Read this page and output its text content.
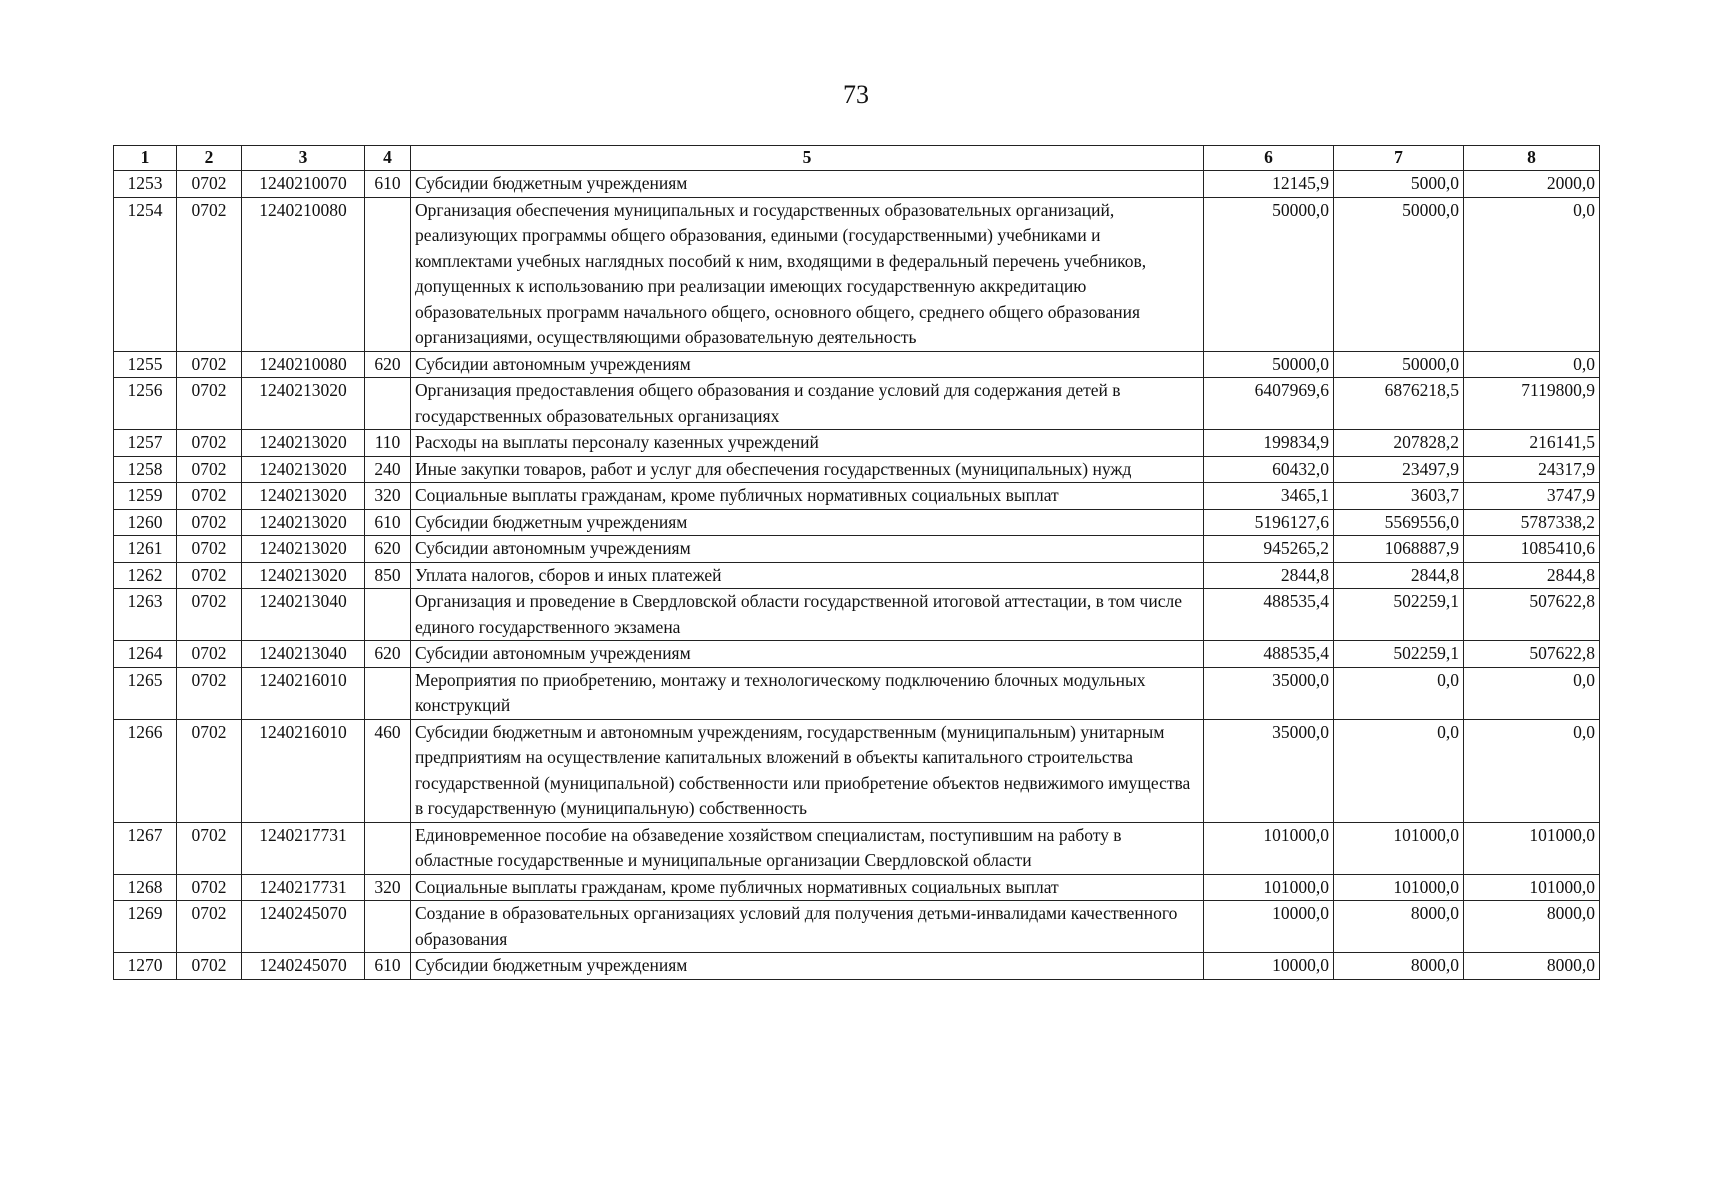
73
1	2	3	4	5	6	7	8
1253	0702	1240210070	610	Субсидии бюджетным учреждениям	12145,9	5000,0	2000,0
1254	0702	1240210080		Организация обеспечения муниципальных и государственных образовательных организаций, реализующих программы общего образования, едиными (государственными) учебниками и комплектами учебных наглядных пособий к ним, входящими в федеральный перечень учебников, допущенных к использованию при реализации имеющих государственную аккредитацию образовательных программ начального общего, основного общего, среднего общего образования организациями, осуществляющими образовательную деятельность	50000,0	50000,0	0,0
1255	0702	1240210080	620	Субсидии автономным учреждениям	50000,0	50000,0	0,0
1256	0702	1240213020		Организация предоставления общего образования и создание условий для содержания детей в государственных образовательных организациях	6407969,6	6876218,5	7119800,9
1257	0702	1240213020	110	Расходы на выплаты персоналу казенных учреждений	199834,9	207828,2	216141,5
1258	0702	1240213020	240	Иные закупки товаров, работ и услуг для обеспечения государственных (муниципальных) нужд	60432,0	23497,9	24317,9
1259	0702	1240213020	320	Социальные выплаты гражданам, кроме публичных нормативных социальных выплат	3465,1	3603,7	3747,9
1260	0702	1240213020	610	Субсидии бюджетным учреждениям	5196127,6	5569556,0	5787338,2
1261	0702	1240213020	620	Субсидии автономным учреждениям	945265,2	1068887,9	1085410,6
1262	0702	1240213020	850	Уплата налогов, сборов и иных платежей	2844,8	2844,8	2844,8
1263	0702	1240213040		Организация и проведение в Свердловской области государственной итоговой аттестации, в том числе единого государственного экзамена	488535,4	502259,1	507622,8
1264	0702	1240213040	620	Субсидии автономным учреждениям	488535,4	502259,1	507622,8
1265	0702	1240216010		Мероприятия по приобретению, монтажу и технологическому подключению блочных модульных конструкций	35000,0	0,0	0,0
1266	0702	1240216010	460	Субсидии бюджетным и автономным учреждениям, государственным (муниципальным) унитарным предприятиям на осуществление капитальных вложений в объекты капитального строительства государственной (муниципальной) собственности или приобретение объектов недвижимого имущества в государственную (муниципальную) собственность	35000,0	0,0	0,0
1267	0702	1240217731		Единовременное пособие на обзаведение хозяйством специалистам, поступившим на работу в областные государственные и муниципальные организации Свердловской области	101000,0	101000,0	101000,0
1268	0702	1240217731	320	Социальные выплаты гражданам, кроме публичных нормативных социальных выплат	101000,0	101000,0	101000,0
1269	0702	1240245070		Создание в образовательных организациях условий для получения детьми-инвалидами качественного образования	10000,0	8000,0	8000,0
1270	0702	1240245070	610	Субсидии бюджетным учреждениям	10000,0	8000,0	8000,0
